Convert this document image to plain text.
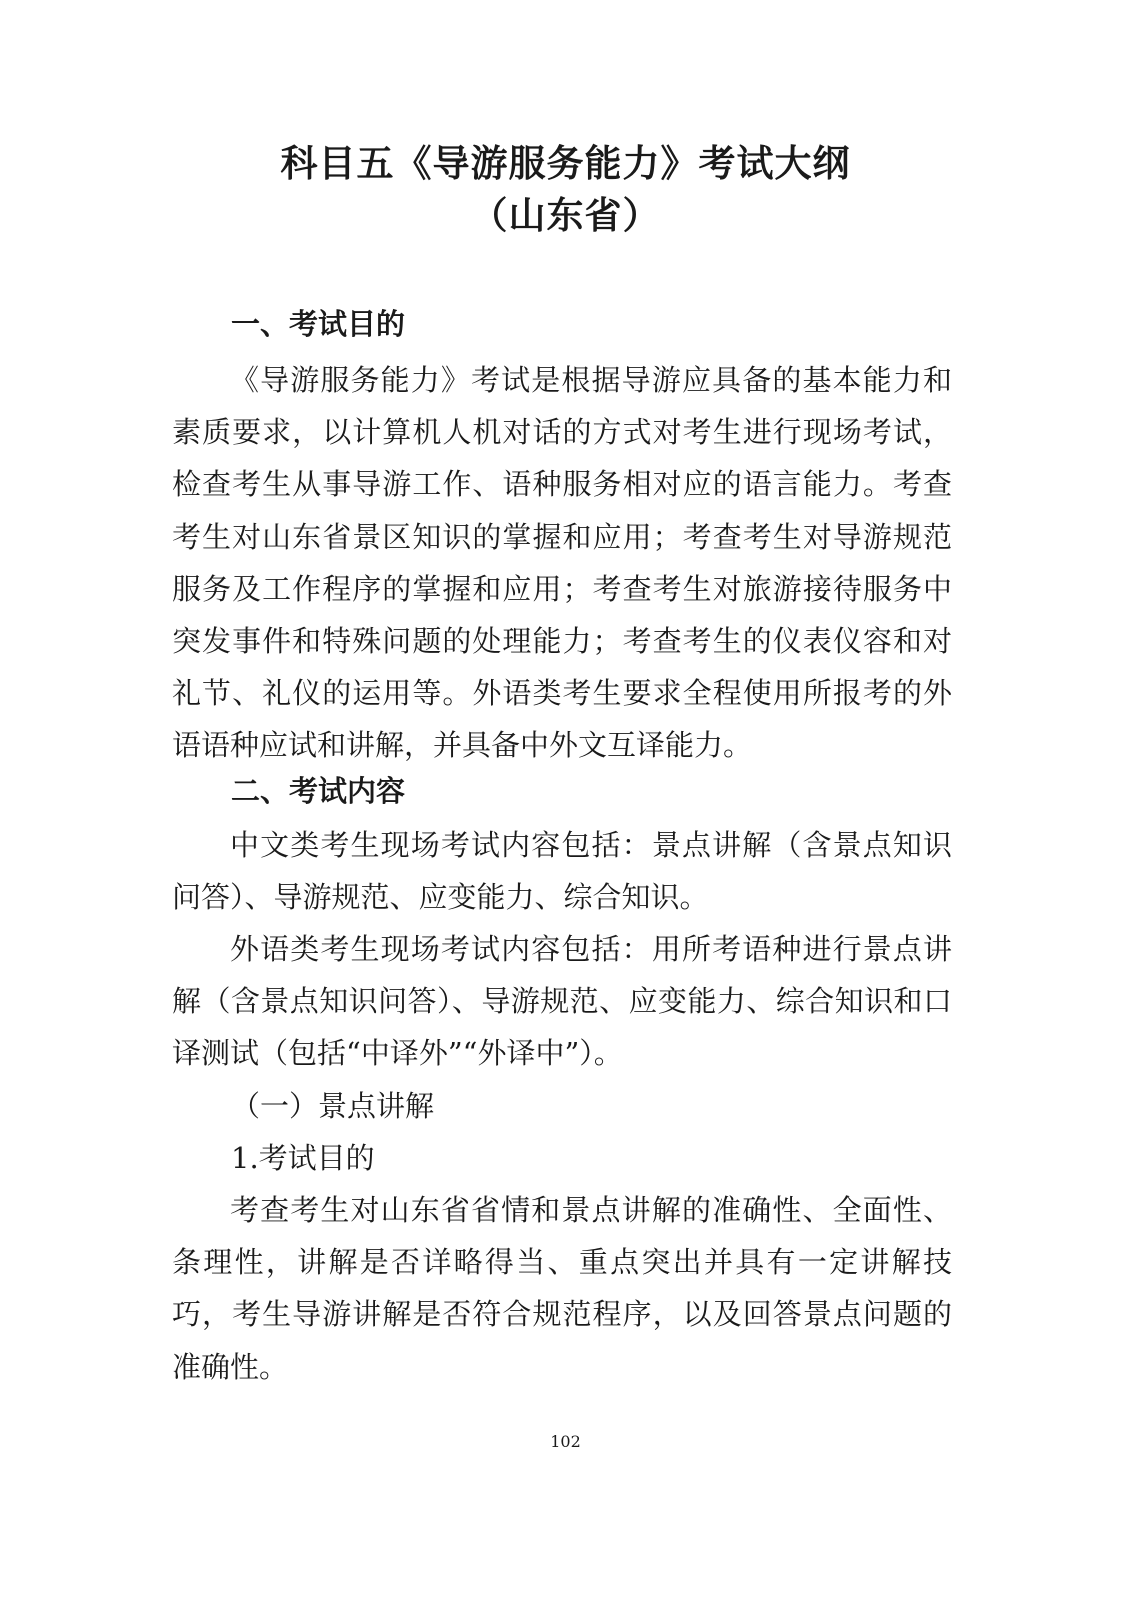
科目五《导游服务能力》考试大纲
（山东省）
一、考试目的
《导游服务能力》考试是根据导游应具备的基本能力和素质要求，以计算机人机对话的方式对考生进行现场考试，检查考生从事导游工作、语种服务相对应的语言能力。考查考生对山东省景区知识的掌握和应用；考查考生对导游规范服务及工作程序的掌握和应用；考查考生对旅游接待服务中突发事件和特殊问题的处理能力；考查考生的仪表仪容和对礼节、礼仪的运用等。外语类考生要求全程使用所报考的外语语种应试和讲解，并具备中外文互译能力。
二、考试内容
中文类考生现场考试内容包括：景点讲解（含景点知识问答）、导游规范、应变能力、综合知识。
外语类考生现场考试内容包括：用所考语种进行景点讲解（含景点知识问答）、导游规范、应变能力、综合知识和口译测试（包括“中译外”“外译中”）。
（一）景点讲解
1.考试目的
考查考生对山东省省情和景点讲解的准确性、全面性、条理性，讲解是否详略得当、重点突出并具有一定讲解技巧，考生导游讲解是否符合规范程序，以及回答景点问题的准确性。
102
